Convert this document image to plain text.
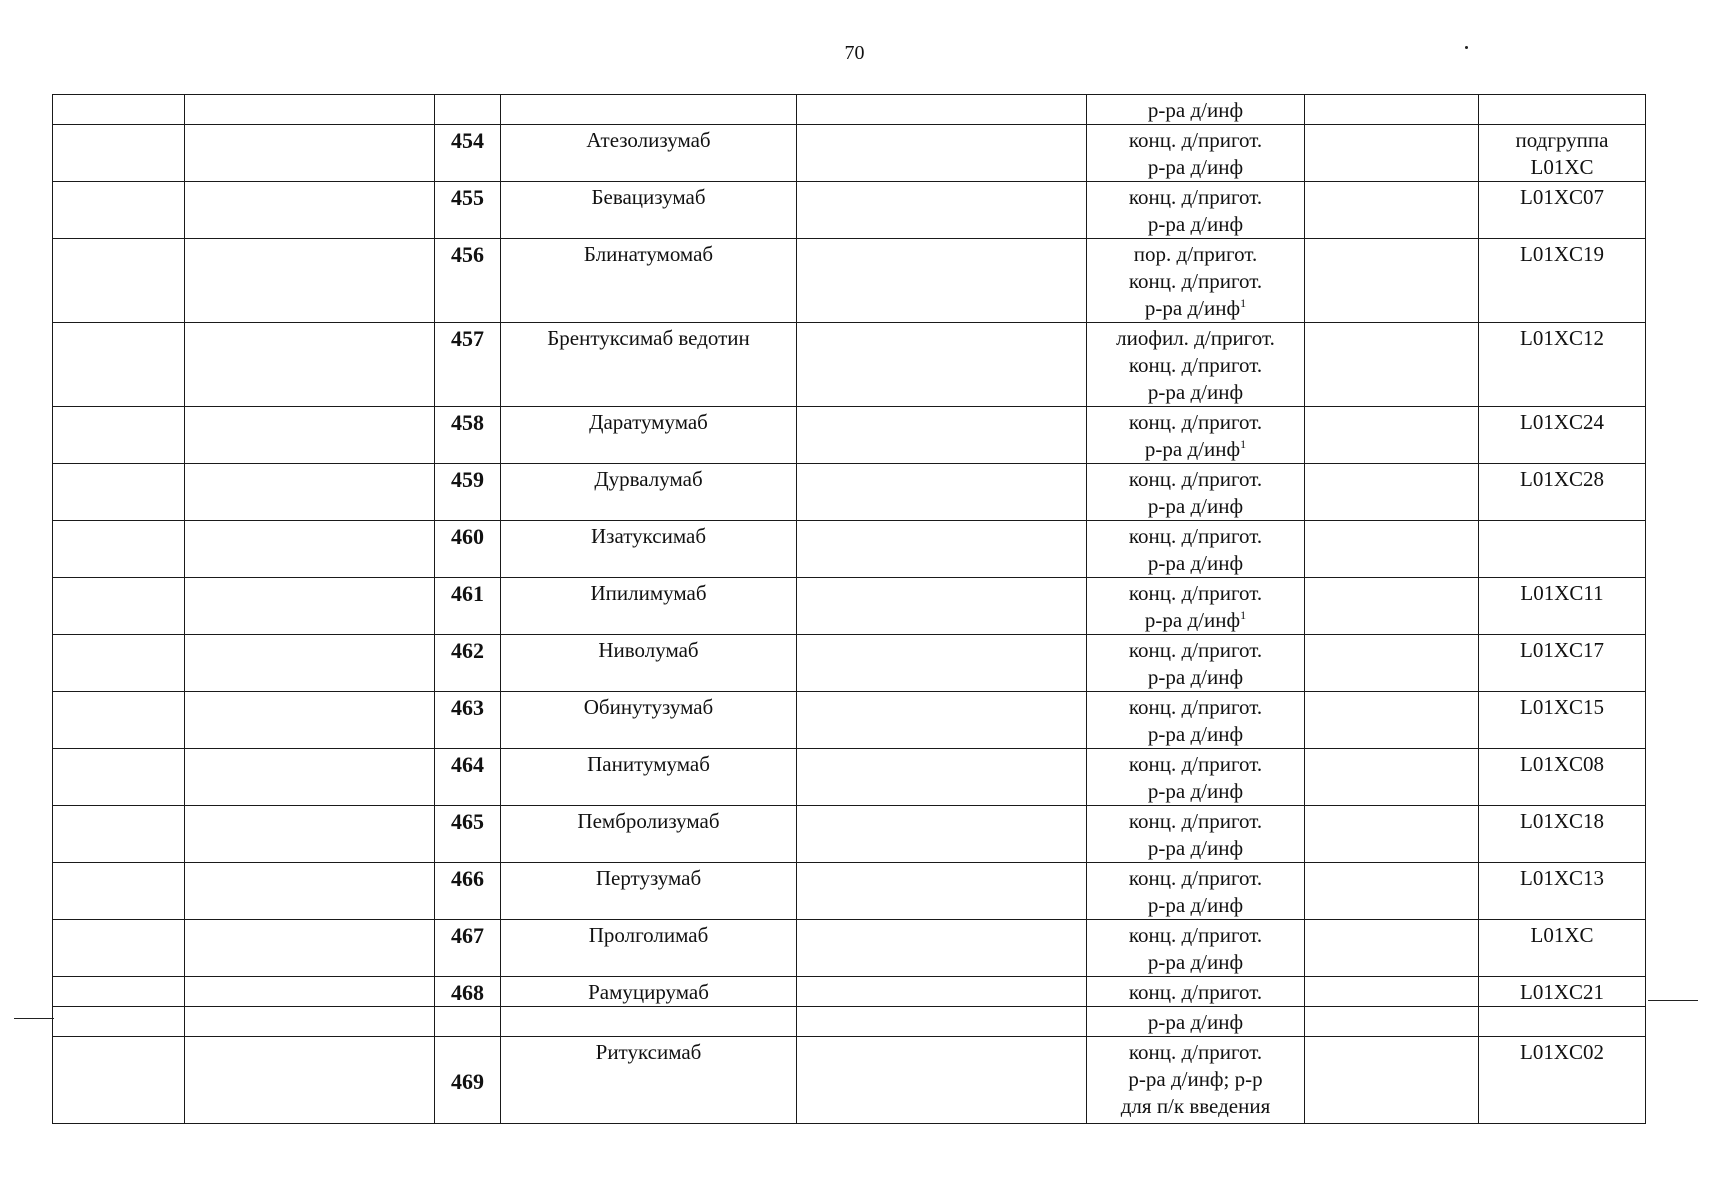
70
					р-ра д/инф		
		454	Атезолизумаб		конц. д/пригот.
р-ра д/инф		подгруппа
L01XC
		455	Бевацизумаб		конц. д/пригот.
р-ра д/инф		L01XC07
		456	Блинатумомаб		пор. д/пригот.
конц. д/пригот.
р-ра д/инф$^1$		L01XC19
		457	Брентуксимаб ведотин		лиофил. д/пригот.
конц. д/пригот.
р-ра д/инф		L01XC12
		458	Даратумумаб		конц. д/пригот.
р-ра д/инф$^1$		L01XC24
		459	Дурвалумаб		конц. д/пригот.
р-ра д/инф		L01XC28
		460	Изатуксимаб		конц. д/пригот.
р-ра д/инф		
		461	Ипилимумаб		конц. д/пригот.
р-ра д/инф$^1$		L01XC11
		462	Ниволумаб		конц. д/пригот.
р-ра д/инф		L01XC17
		463	Обинутузумаб		конц. д/пригот.
р-ра д/инф		L01XC15
		464	Панитумумаб		конц. д/пригот.
р-ра д/инф		L01XC08
		465	Пембролизумаб		конц. д/пригот.
р-ра д/инф		L01XC18
		466	Пертузумаб		конц. д/пригот.
р-ра д/инф		L01XC13
		467	Пролголимаб		конц. д/пригот.
р-ра д/инф		L01XC
		468	Рамуцирумаб		конц. д/пригот.		L01XC21
					р-ра д/инф		
		469	Ритуксимаб		конц. д/пригот.
р-ра д/инф; р-р
для п/к введения		L01XC02
